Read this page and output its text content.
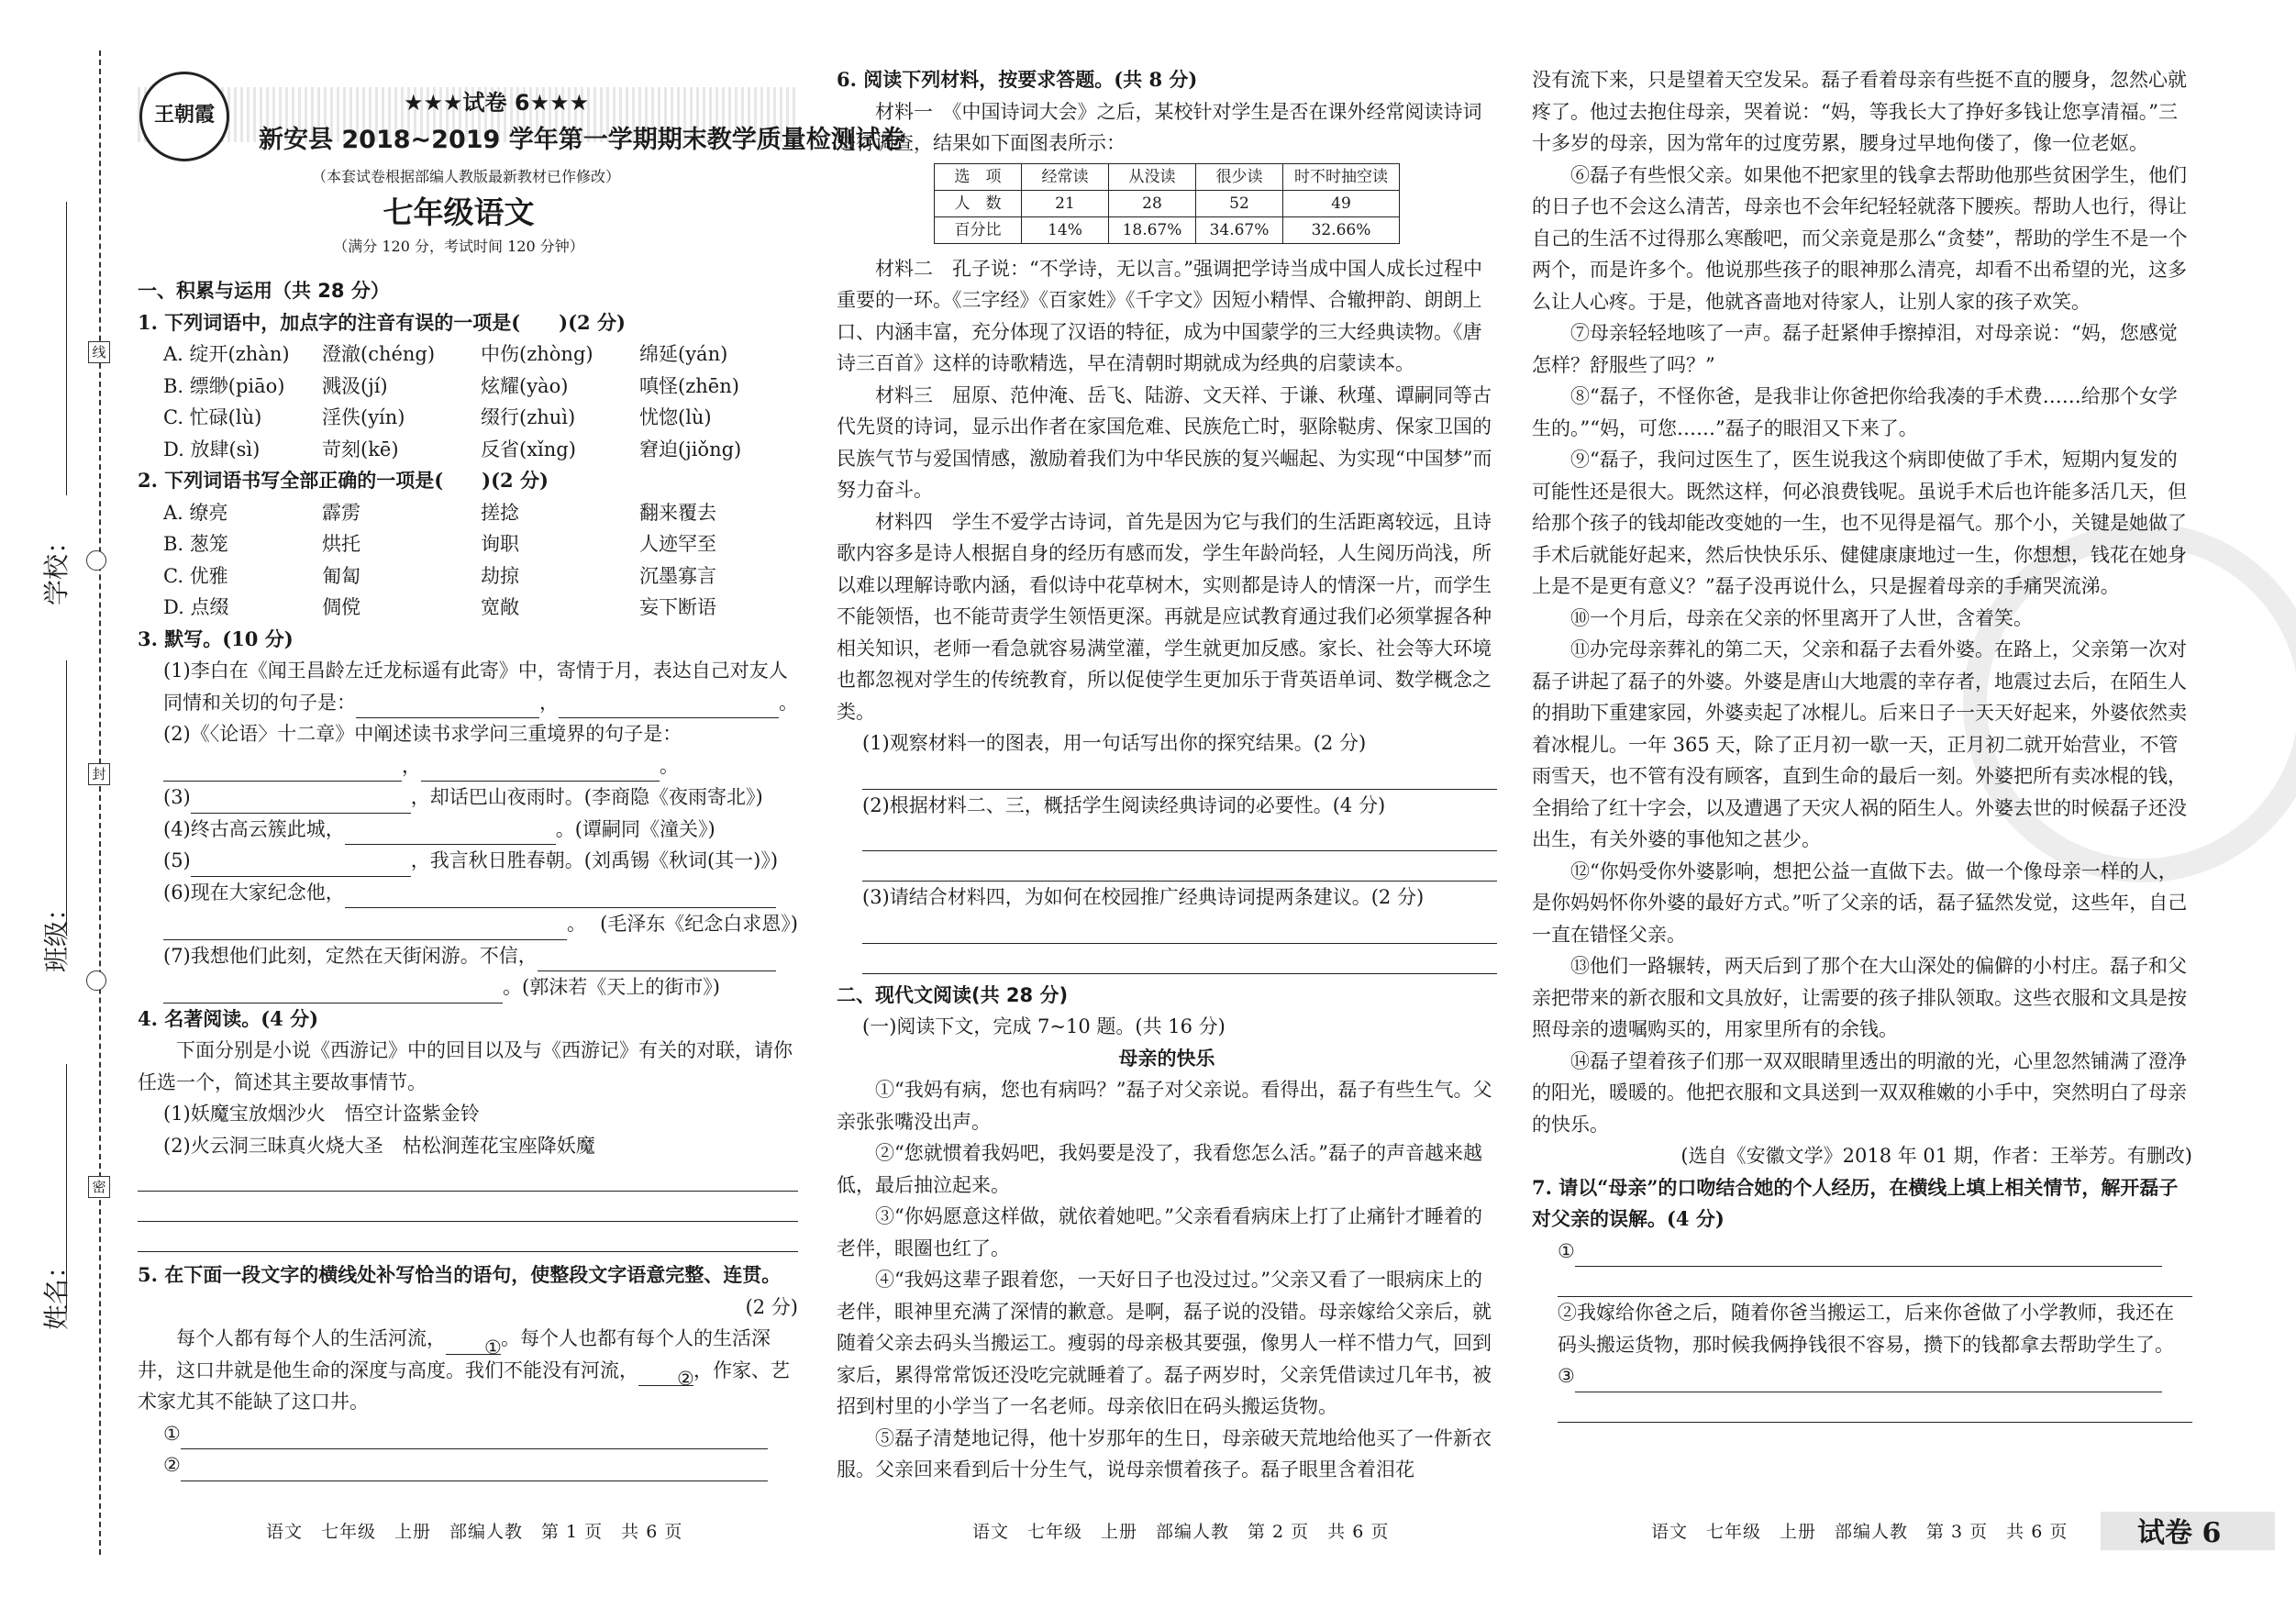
学校：
班级：
姓名：
线
封
密
王朝霞	★★★试卷 6★★★
新安县 2018~2019 学年第一学期期末教学质量检测试卷
（本套试卷根据部编人教版最新教材已作修改）
七年级语文
（满分 120 分，考试时间 120 分钟）
一、积累与运用（共 28 分）
1. 下列词语中，加点字的注音有误的一项是(　　)(2 分)
A. 绽开(zhàn)	澄澈(chéng)	中伤(zhòng)	绵延(yán)
B. 缥缈(piāo)	溅汲(jí)	炫耀(yào)	嗔怪(zhēn)
C. 忙碌(lù)	淫佚(yín)	缀行(zhuì)	忧惚(lù)
D. 放肆(sì)	苛刻(kē)	反省(xǐng)	窘迫(jiǒng)
2. 下列词语书写全部正确的一项是(　　)(2 分)
A. 缭亮	霹雳	搓捻	翻来覆去
B. 葱笼	烘托	询职	人迹罕至
C. 优雅	匍匐	劫掠	沉墨寡言
D. 点缀	倜傥	宽敞	妄下断语
3. 默写。(10 分)
(1)李白在《闻王昌龄左迁龙标遥有此寄》中，寄情于月，表达自己对友人
同情和关切的句子是：	，	。
(2)《〈论语〉十二章》中阐述读书求学问三重境界的句子是：
，	。
(3)	，却话巴山夜雨时。(李商隐《夜雨寄北》)
(4)终古高云簇此城，	。(谭嗣同《潼关》)
(5)	，我言秋日胜春朝。(刘禹锡《秋词(其一)》)
(6)现在大家纪念他，
。 (毛泽东《纪念白求恩》)
(7)我想他们此刻，定然在天街闲游。不信，
。(郭沫若《天上的街市》)
4. 名著阅读。(4 分)
下面分别是小说《西游记》中的回目以及与《西游记》有关的对联，请你任选一个，简述其主要故事情节。
(1)妖魔宝放烟沙火　悟空计盗紫金铃
(2)火云洞三昧真火烧大圣　枯松涧莲花宝座降妖魔
5. 在下面一段文字的横线处补写恰当的语句，使整段文字语意完整、连贯。
(2 分)
每个人都有每个人的生活河流， ①。每个人也都有每个人的生活深井，这口井就是他生命的深度与高度。我们不能没有河流， ②，作家、艺术家尤其不能缺了这口井。
①
②
6. 阅读下列材料，按要求答题。(共 8 分)
材料一　《中国诗词大会》之后，某校针对学生是否在课外经常阅读诗词进行调查，结果如下面图表所示：
选　项	经常读	从没读	很少读	时不时抽空读
人　数	21	28	52	49
百分比	14%	18.67%	34.67%	32.66%
材料二　孔子说：“不学诗，无以言。”强调把学诗当成中国人成长过程中重要的一环。《三字经》《百家姓》《千字文》因短小精悍、合辙押韵、朗朗上口、内涵丰富，充分体现了汉语的特征，成为中国蒙学的三大经典读物。《唐诗三百首》这样的诗歌精选，早在清朝时期就成为经典的启蒙读本。
材料三　屈原、范仲淹、岳飞、陆游、文天祥、于谦、秋瑾、谭嗣同等古代先贤的诗词，显示出作者在家国危难、民族危亡时，驱除鞑虏、保家卫国的民族气节与爱国情感，激励着我们为中华民族的复兴崛起、为实现“中国梦”而努力奋斗。
材料四　学生不爱学古诗词，首先是因为它与我们的生活距离较远，且诗歌内容多是诗人根据自身的经历有感而发，学生年龄尚轻，人生阅历尚浅，所以难以理解诗歌内涵，看似诗中花草树木，实则都是诗人的情深一片，而学生不能领悟，也不能苛责学生领悟更深。再就是应试教育通过我们必须掌握各种相关知识，老师一看急就容易满堂灌，学生就更加反感。家长、社会等大环境也都忽视对学生的传统教育，所以促使学生更加乐于背英语单词、数学概念之类。
(1)观察材料一的图表，用一句话写出你的探究结果。(2 分)
(2)根据材料二、三，概括学生阅读经典诗词的必要性。(4 分)
(3)请结合材料四，为如何在校园推广经典诗词提两条建议。(2 分)
二、现代文阅读(共 28 分)
(一)阅读下文，完成 7~10 题。(共 16 分)
母亲的快乐
①“我妈有病，您也有病吗？”磊子对父亲说。看得出，磊子有些生气。父亲张张嘴没出声。
②“您就惯着我妈吧，我妈要是没了，我看您怎么活。”磊子的声音越来越低，最后抽泣起来。
③“你妈愿意这样做，就依着她吧。”父亲看看病床上打了止痛针才睡着的老伴，眼圈也红了。
④“我妈这辈子跟着您，一天好日子也没过过。”父亲又看了一眼病床上的老伴，眼神里充满了深情的歉意。是啊，磊子说的没错。母亲嫁给父亲后，就随着父亲去码头当搬运工。瘦弱的母亲极其要强，像男人一样不惜力气，回到家后，累得常常饭还没吃完就睡着了。磊子两岁时，父亲凭借读过几年书，被招到村里的小学当了一名老师。母亲依旧在码头搬运货物。
⑤磊子清楚地记得，他十岁那年的生日，母亲破天荒地给他买了一件新衣服。父亲回来看到后十分生气，说母亲惯着孩子。磊子眼里含着泪花
没有流下来，只是望着天空发呆。磊子看着母亲有些挺不直的腰身，忽然心就疼了。他过去抱住母亲，哭着说：“妈，等我长大了挣好多钱让您享清福。”三十多岁的母亲，因为常年的过度劳累，腰身过早地佝偻了，像一位老妪。
⑥磊子有些恨父亲。如果他不把家里的钱拿去帮助他那些贫困学生，他们的日子也不会这么清苦，母亲也不会年纪轻轻就落下腰疾。帮助人也行，得让自己的生活不过得那么寒酸吧，而父亲竟是那么“贪婪”，帮助的学生不是一个两个，而是许多个。他说那些孩子的眼神那么清亮，却看不出希望的光，这多么让人心疼。于是，他就吝啬地对待家人，让别人家的孩子欢笑。
⑦母亲轻轻地咳了一声。磊子赶紧伸手擦掉泪，对母亲说：“妈，您感觉怎样？舒服些了吗？”
⑧“磊子，不怪你爸，是我非让你爸把你给我凑的手术费……给那个女学生的。”“妈，可您……”磊子的眼泪又下来了。
⑨“磊子，我问过医生了，医生说我这个病即使做了手术，短期内复发的可能性还是很大。既然这样，何必浪费钱呢。虽说手术后也许能多活几天，但给那个孩子的钱却能改变她的一生，也不见得是福气。那个小，关键是她做了手术后就能好起来，然后快快乐乐、健健康康地过一生，你想想，钱花在她身上是不是更有意义？”磊子没再说什么，只是握着母亲的手痛哭流涕。
⑩一个月后，母亲在父亲的怀里离开了人世，含着笑。
⑪办完母亲葬礼的第二天，父亲和磊子去看外婆。在路上，父亲第一次对磊子讲起了磊子的外婆。外婆是唐山大地震的幸存者，地震过去后，在陌生人的捐助下重建家园，外婆卖起了冰棍儿。后来日子一天天好起来，外婆依然卖着冰棍儿。一年 365 天，除了正月初一歇一天，正月初二就开始营业，不管雨雪天，也不管有没有顾客，直到生命的最后一刻。外婆把所有卖冰棍的钱，全捐给了红十字会，以及遭遇了天灾人祸的陌生人。外婆去世的时候磊子还没出生，有关外婆的事他知之甚少。
⑫“你妈受你外婆影响，想把公益一直做下去。做一个像母亲一样的人，是你妈妈怀你外婆的最好方式。”听了父亲的话，磊子猛然发觉，这些年，自己一直在错怪父亲。
⑬他们一路辗转，两天后到了那个在大山深处的偏僻的小村庄。磊子和父亲把带来的新衣服和文具放好，让需要的孩子排队领取。这些衣服和文具是按照母亲的遗嘱购买的，用家里所有的余钱。
⑭磊子望着孩子们那一双双眼睛里透出的明澈的光，心里忽然铺满了澄净的阳光，暖暖的。他把衣服和文具送到一双双稚嫩的小手中，突然明白了母亲的快乐。
(选自《安徽文学》2018 年 01 期，作者：王举芳。有删改)
7. 请以“母亲”的口吻结合她的个人经历，在横线上填上相关情节，解开磊子对父亲的误解。(4 分)
①
②我嫁给你爸之后，随着你爸当搬运工，后来你爸做了小学教师，我还在码头搬运货物，那时候我俩挣钱很不容易，攒下的钱都拿去帮助学生了。
③
语文　七年级　上册　部编人教　第 1 页　共 6 页	语文　七年级　上册　部编人教　第 2 页　共 6 页	语文　七年级　上册　部编人教　第 3 页　共 6 页	试卷 6
